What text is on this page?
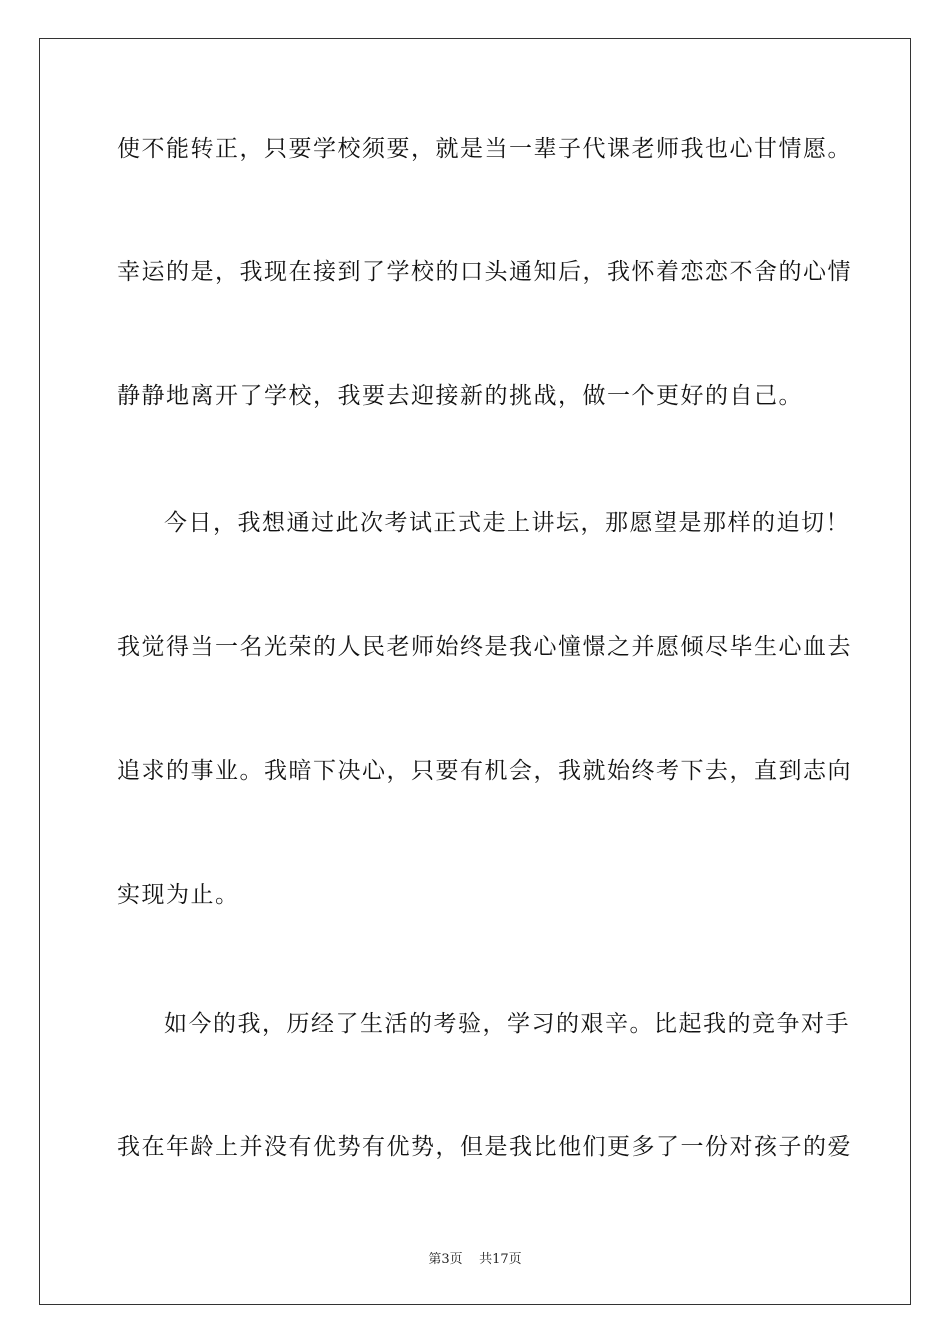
使不能转正，只要学校须要，就是当一辈子代课老师我也心甘情愿。
幸运的是，我现在接到了学校的口头通知后，我怀着恋恋不舍的心情
静静地离开了学校，我要去迎接新的挑战，做一个更好的自己。
今日，我想通过此次考试正式走上讲坛，那愿望是那样的迫切！
我觉得当一名光荣的人民老师始终是我心憧憬之并愿倾尽毕生心血去
追求的事业。我暗下决心，只要有机会，我就始终考下去，直到志向
实现为止。
如今的我，历经了生活的考验，学习的艰辛。比起我的竞争对手
我在年龄上并没有优势有优势，但是我比他们更多了一份对孩子的爱
第3页 共17页
